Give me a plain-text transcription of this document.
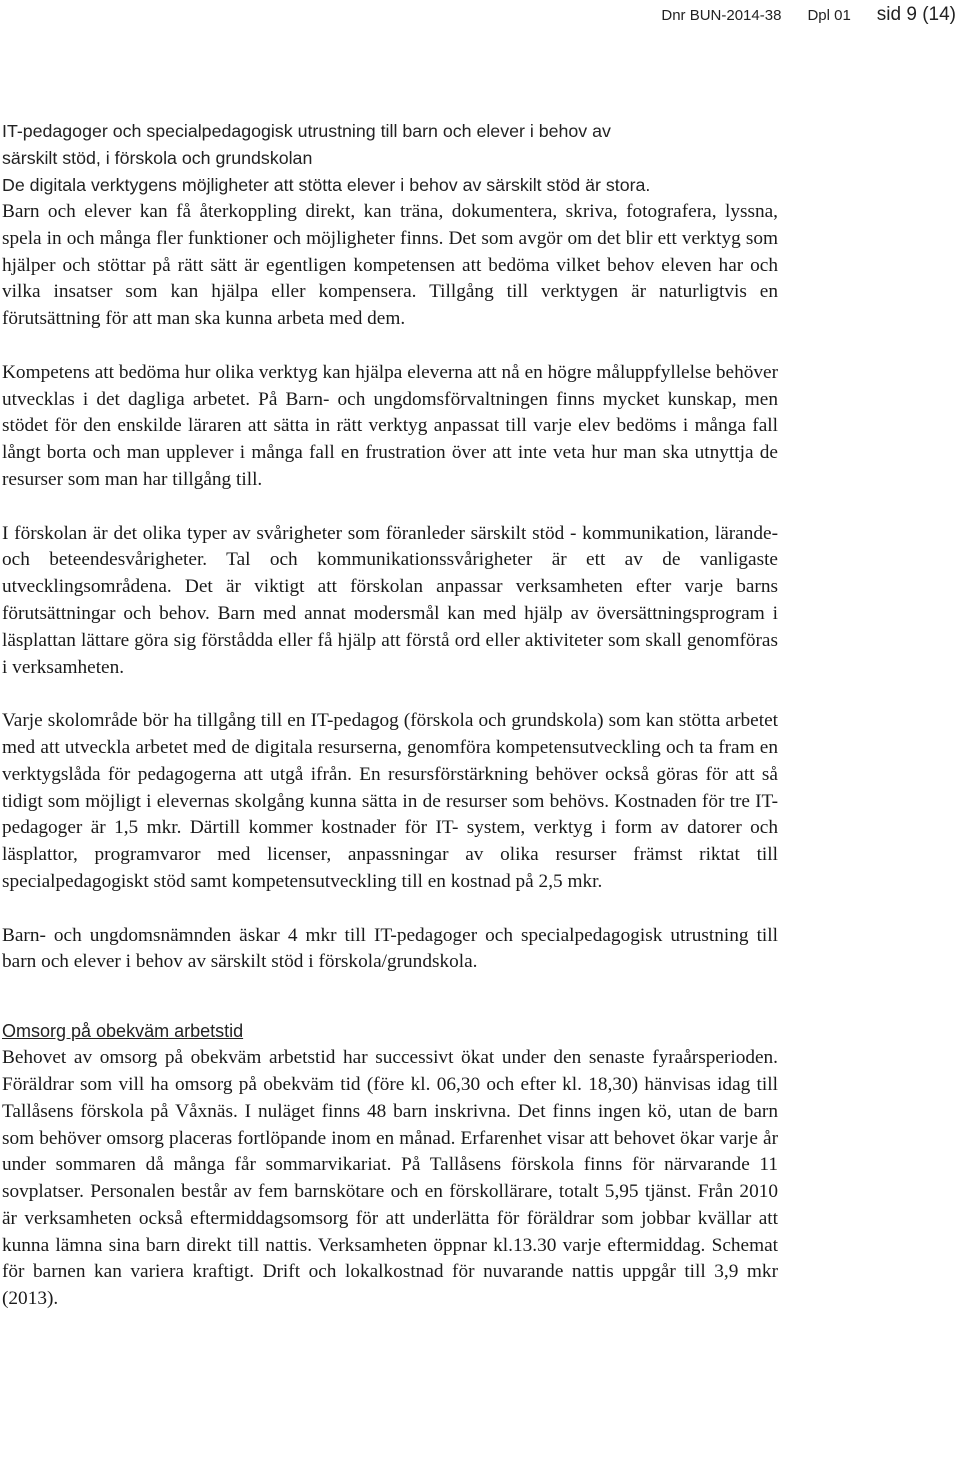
Dnr BUN-2014-38 Dpl 01 sid 9 (14)
IT-pedagoger och specialpedagogisk utrustning till barn och elever i behov av
särskilt stöd, i förskola och grundskolan
De digitala verktygens möjligheter att stötta elever i behov av särskilt stöd är stora.

Barn och elever kan få återkoppling direkt, kan träna, dokumentera, skriva, fotografera, lyssna, spela in och många fler funktioner och möjligheter finns. Det som avgör om det blir ett verktyg som hjälper och stöttar på rätt sätt är egentligen kompetensen att bedöma vilket behov eleven har och vilka insatser som kan hjälpa eller kompensera. Tillgång till verktygen är naturligtvis en förutsättning för att man ska kunna arbeta med dem.

Kompetens att bedöma hur olika verktyg kan hjälpa eleverna att nå en högre måluppfyllelse behöver utvecklas i det dagliga arbetet. På Barn- och ungdomsförvaltningen finns mycket kunskap, men stödet för den enskilde läraren att sätta in rätt verktyg anpassat till varje elev bedöms i många fall långt borta och man upplever i många fall en frustration över att inte veta hur man ska utnyttja de resurser som man har tillgång till.

I förskolan är det olika typer av svårigheter som föranleder särskilt stöd - kommunikation, lärande- och beteendesvårigheter. Tal och kommunikationssvårigheter är ett av de vanligaste utvecklingsområdena. Det är viktigt att förskolan anpassar verksamheten efter varje barns förutsättningar och behov. Barn med annat modersmål kan med hjälp av översättningsprogram i läsplattan lättare göra sig förstådda eller få hjälp att förstå ord eller aktiviteter som skall genomföras i verksamheten.

Varje skolområde bör ha tillgång till en IT-pedagog (förskola och grundskola) som kan stötta arbetet med att utveckla arbetet med de digitala resurserna, genomföra kompetensutveckling och ta fram en verktygslåda för pedagogerna att utgå ifrån. En resursförstärkning behöver också göras för att så tidigt som möjligt i elevernas skolgång kunna sätta in de resurser som behövs. Kostnaden för tre IT-pedagoger är 1,5 mkr. Därtill kommer kostnader för IT- system, verktyg i form av datorer och läsplattor, programvaror med licenser, anpassningar av olika resurser främst riktat till specialpedagogiskt stöd samt kompetensutveckling till en kostnad på 2,5 mkr.

Barn- och ungdomsnämnden äskar 4 mkr till IT-pedagoger och specialpedagogisk utrustning till barn och elever i behov av särskilt stöd i förskola/grundskola.

Omsorg på obekväm arbetstid

Behovet av omsorg på obekväm arbetstid har successivt ökat under den senaste fyraårsperioden. Föräldrar som vill ha omsorg på obekväm tid (före kl. 06,30 och efter kl. 18,30) hänvisas idag till Tallåsens förskola på Våxnäs. I nuläget finns 48 barn inskrivna. Det finns ingen kö, utan de barn som behöver omsorg placeras fortlöpande inom en månad. Erfarenhet visar att behovet ökar varje år under sommaren då många får sommarvikariat. På Tallåsens förskola finns för närvarande 11 sovplatser. Personalen består av fem barnskötare och en förskollärare, totalt 5,95 tjänst. Från 2010 är verksamheten också eftermiddagsomsorg för att underlätta för föräldrar som jobbar kvällar att kunna lämna sina barn direkt till nattis. Verksamheten öppnar kl.13.30 varje eftermiddag. Schemat för barnen kan variera kraftigt. Drift och lokalkostnad för nuvarande nattis uppgår till 3,9 mkr (2013).
